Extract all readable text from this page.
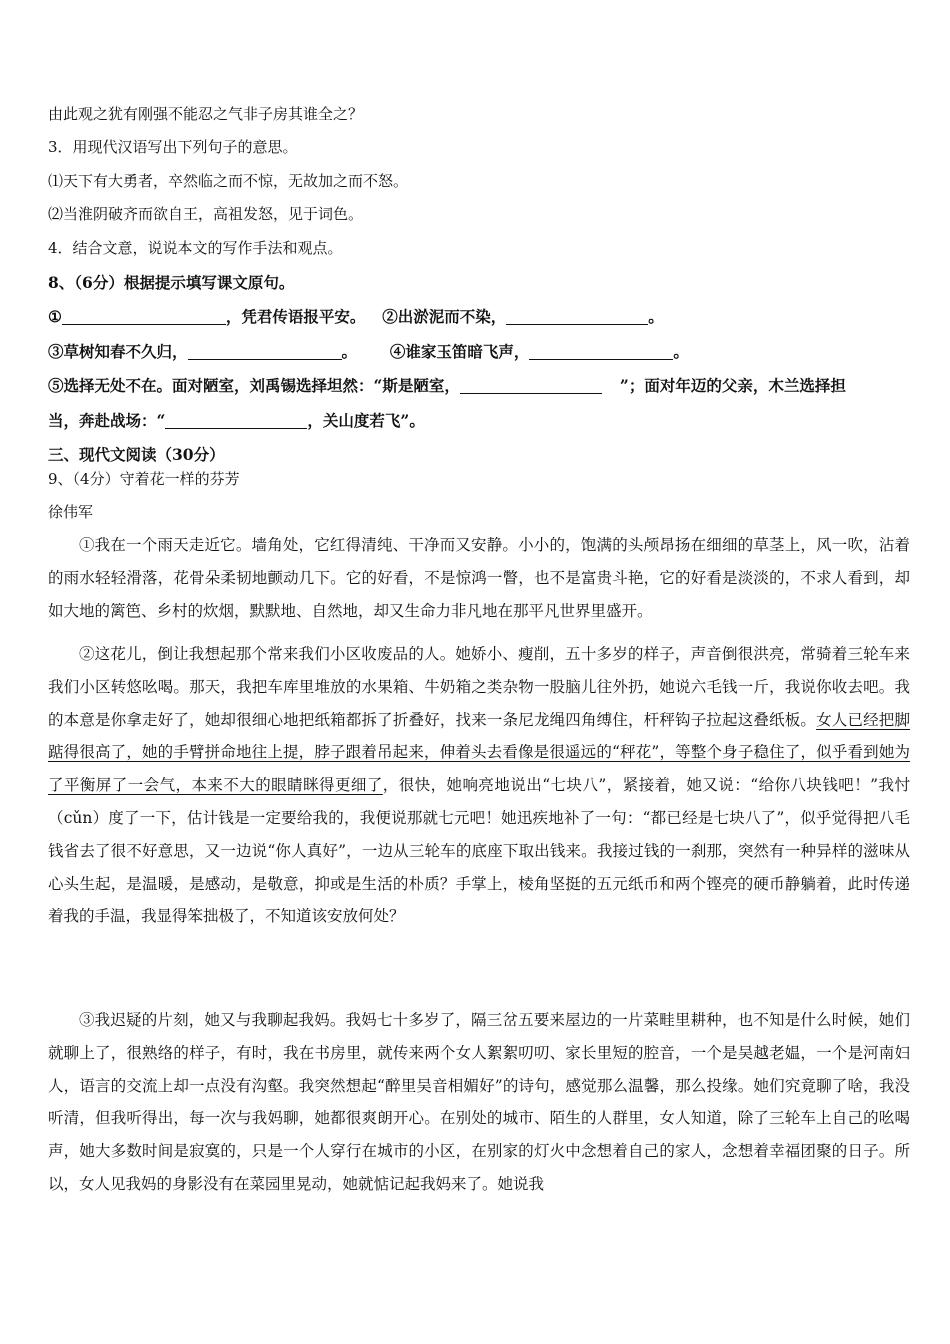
由此观之犹有刚强不能忍之气非子房其谁全之？
3．用现代汉语写出下列句子的意思。
⑴天下有大勇者，卒然临之而不惊，无故加之而不怒。
⑵当淮阴破齐而欲自王，高祖发怒，见于词色。
4．结合文意，说说本文的写作手法和观点。
8、（6分）根据提示填写课文原句。
①	，凭君传语报平安。 ②出淤泥而不染，	。
③草树知春不久归，	。 ④谁家玉笛暗飞声，	。
⑤选择无处不在。面对陋室，刘禹锡选择坦然：“斯是陋室，	”；面对年迈的父亲，木兰选择担
当，奔赴战场：“	，关山度若飞”。
三、现代文阅读（30分）
9、（4分）守着花一样的芬芳
徐伟军

①我在一个雨天走近它。墙角处，它红得清纯、干净而又安静。小小的，饱满的头颅昂扬在细细的草茎上，风一吹，沾着的雨水轻轻滑落，花骨朵柔韧地颤动几下。它的好看，不是惊鸿一瞥，也不是富贵斗艳，它的好看是淡淡的，不求人看到，却如大地的篱笆、乡村的炊烟，默默地、自然地，却又生命力非凡地在那平凡世界里盛开。

②这花儿，倒让我想起那个常来我们小区收废品的人。她娇小、瘦削，五十多岁的样子，声音倒很洪亮，常骑着三轮车来我们小区转悠吆喝。那天，我把车库里堆放的水果箱、牛奶箱之类杂物一股脑儿往外扔，她说六毛钱一斤，我说你收去吧。我的本意是你拿走好了，她却很细心地把纸箱都拆了折叠好，找来一条尼龙绳四角缚住，杆秤钩子拉起这叠纸板。女人已经把脚踮得很高了，她的手臂拼命地往上提，脖子跟着吊起来，伸着头去看像是很遥远的“秤花”，等整个身子稳住了，似乎看到她为了平衡屏了一会气，本来不大的眼睛眯得更细了，很快，她响亮地说出“七块八”，紧接着，她又说：“给你八块钱吧！”我忖（cǔn）度了一下，估计钱是一定要给我的，我便说那就七元吧！她迅疾地补了一句：“都已经是七块八了”，似乎觉得把八毛钱省去了很不好意思，又一边说“你人真好”，一边从三轮车的底座下取出钱来。我接过钱的一刹那，突然有一种异样的滋味从心头生起，是温暖，是感动，是敬意，抑或是生活的朴质？手掌上，棱角坚挺的五元纸币和两个铿亮的硬币静躺着，此时传递着我的手温，我显得笨拙极了，不知道该安放何处？

③我迟疑的片刻，她又与我聊起我妈。我妈七十多岁了，隔三岔五要来屋边的一片菜畦里耕种，也不知是什么时候，她们就聊上了，很熟络的样子，有时，我在书房里，就传来两个女人絮絮叨叨、家长里短的腔音，一个是吴越老媪，一个是河南妇人，语言的交流上却一点没有沟壑。我突然想起“醉里吴音相媚好”的诗句，感觉那么温馨，那么投缘。她们究竟聊了啥，我没听清，但我听得出，每一次与我妈聊，她都很爽朗开心。在别处的城市、陌生的人群里，女人知道，除了三轮车上自己的吆喝声，她大多数时间是寂寞的，只是一个人穿行在城市的小区，在别家的灯火中念想着自己的家人，念想着幸福团聚的日子。所以，女人见我妈的身影没有在菜园里晃动，她就惦记起我妈来了。她说我
